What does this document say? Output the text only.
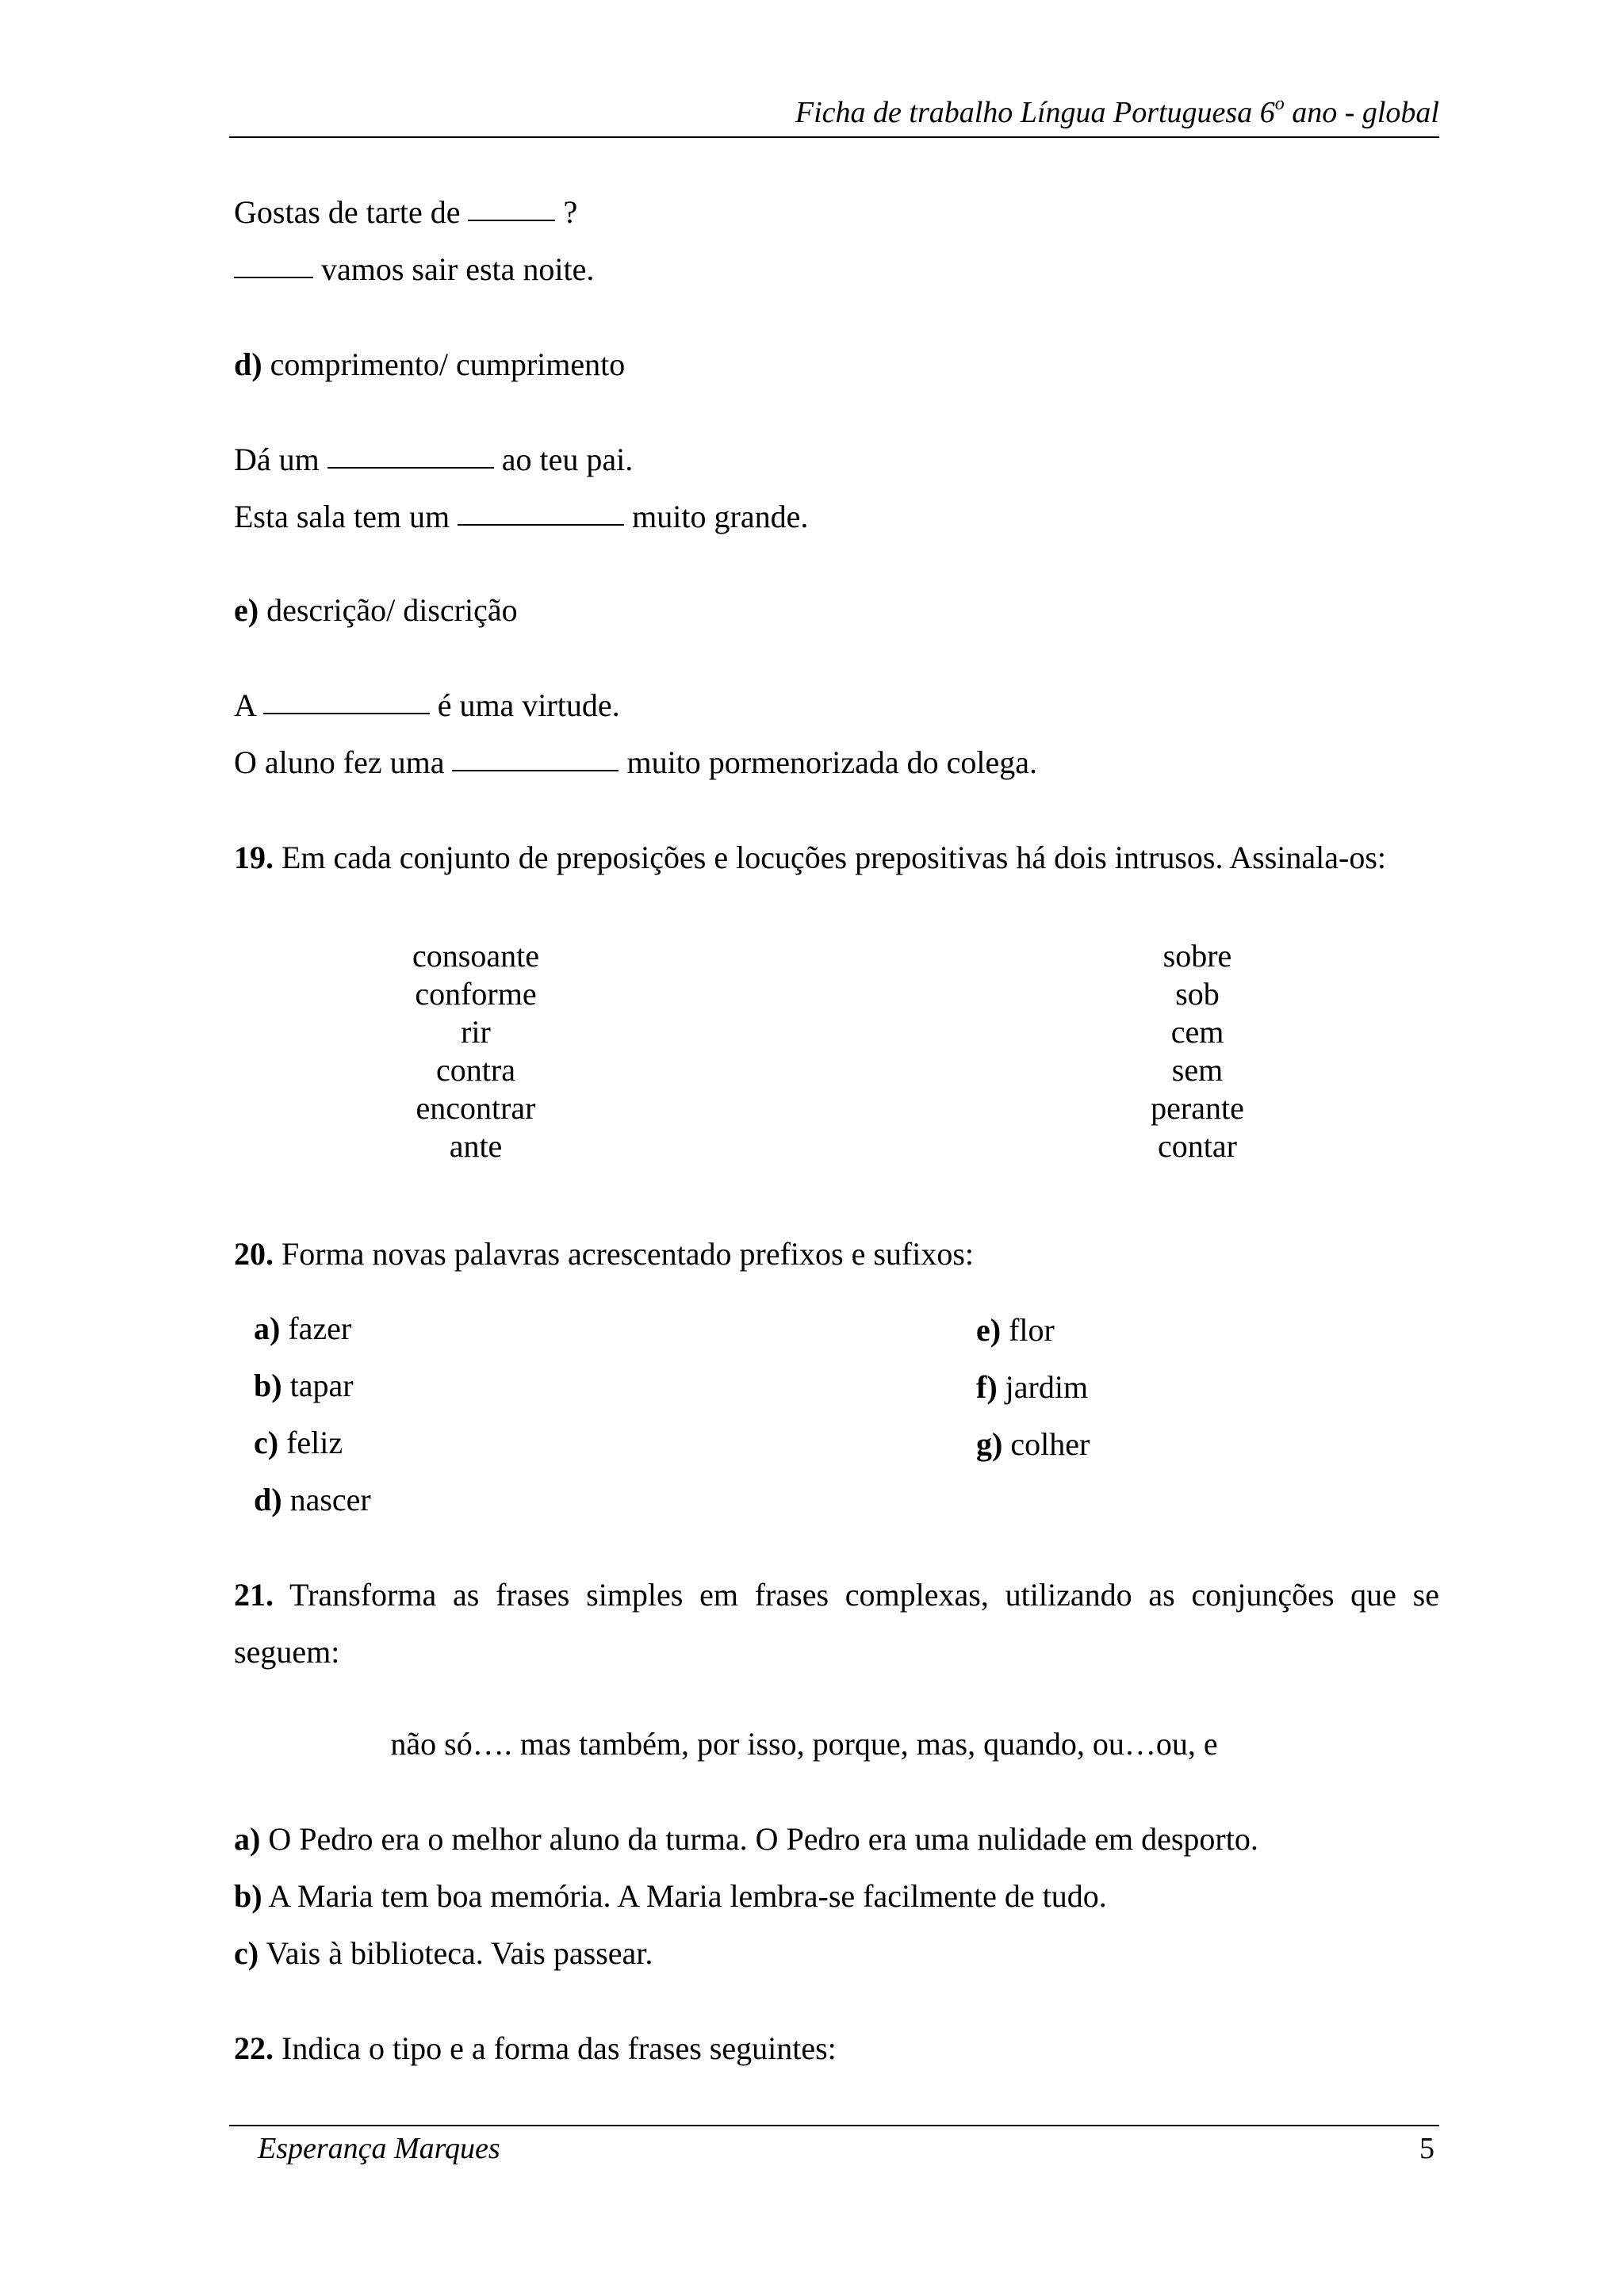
Ficha de trabalho Língua Portuguesa 6$^o$ ano - global
Gostas de tarte de	?
vamos sair esta noite.
d) comprimento/ cumprimento
Dá um	ao teu pai.
Esta sala tem um	muito grande.
e) descrição/ discrição
A	é uma virtude.
O aluno fez uma	muito pormenorizada do colega.
19. Em cada conjunto de preposições e locuções prepositivas há dois intrusos. Assinala-os:
consoante
conforme
rir
contra
encontrar
ante
sobre
sob
cem
sem
perante
contar
20. Forma novas palavras acrescentado prefixos e sufixos:
a) fazer
b) tapar
c) feliz
d) nascer
e) flor
f) jardim
g) colher
21. Transforma as frases simples em frases complexas, utilizando as conjunções que se seguem:
não só…. mas também, por isso, porque, mas, quando, ou…ou, e
a) O Pedro era o melhor aluno da turma. O Pedro era uma nulidade em desporto.
b) A Maria tem boa memória. A Maria lembra-se facilmente de tudo.
c) Vais à biblioteca. Vais passear.
22. Indica o tipo e a forma das frases seguintes:
Esperança Marques	5
